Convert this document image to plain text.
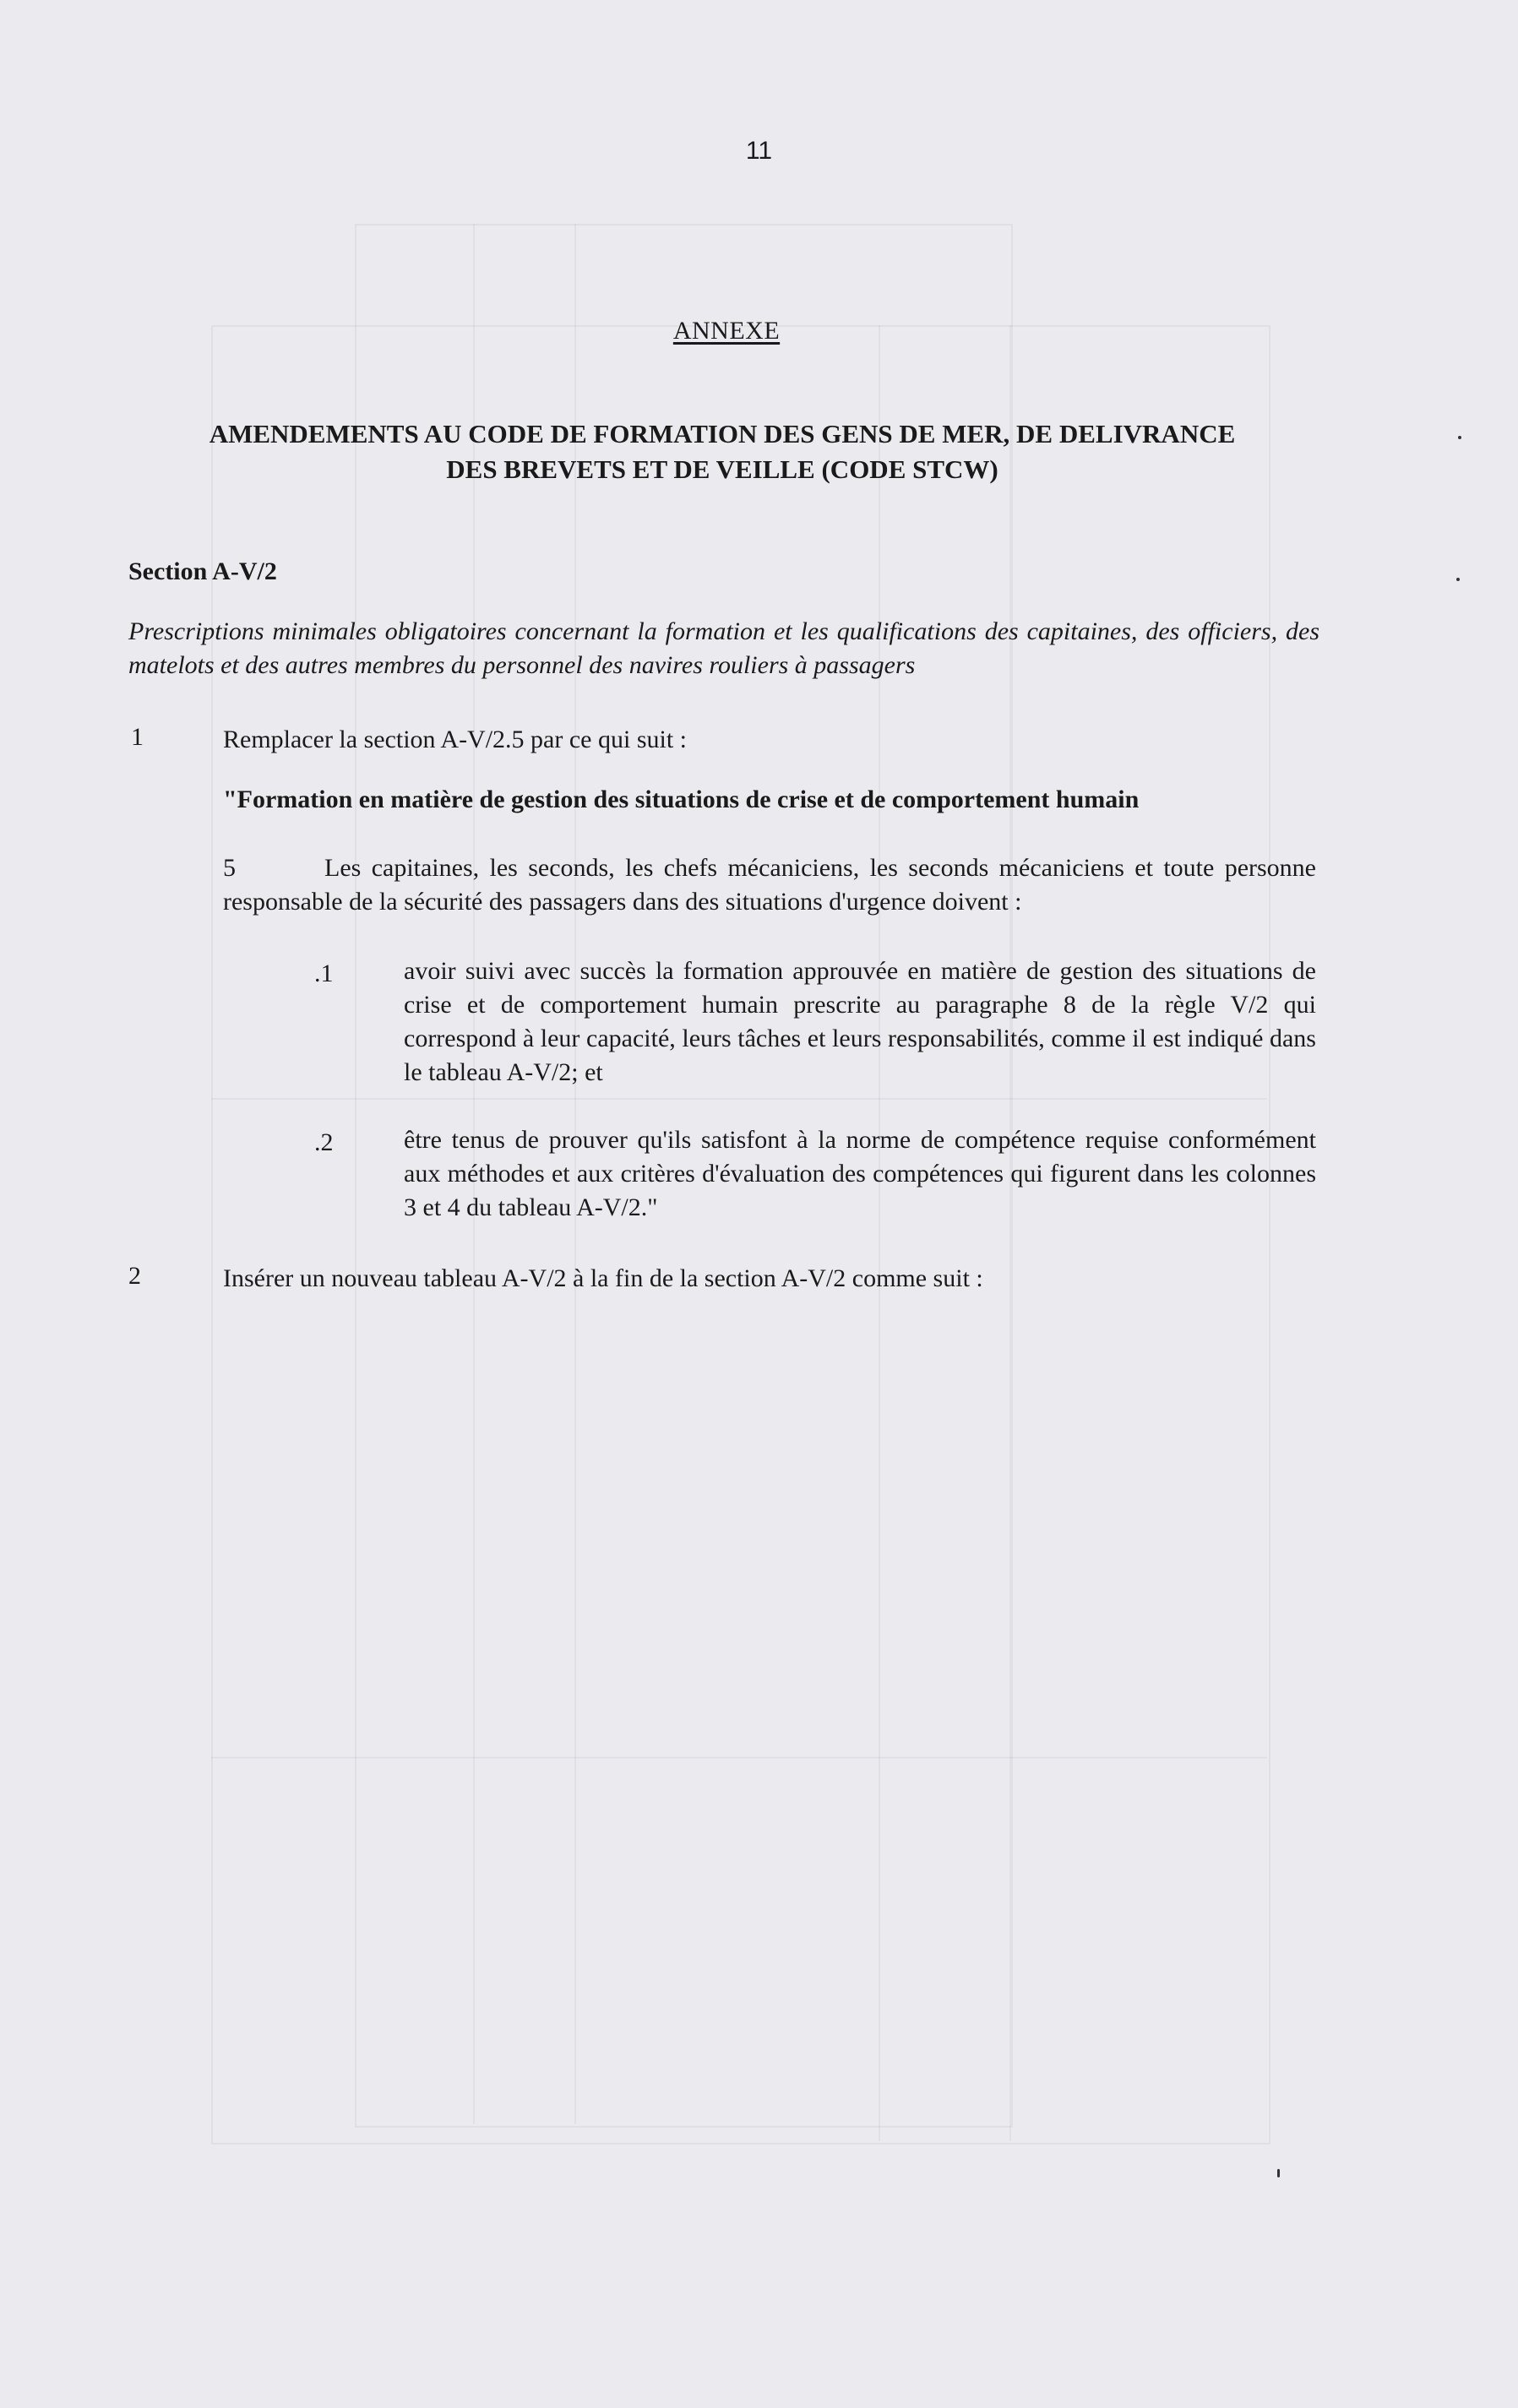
11
ANNEXE
AMENDEMENTS AU CODE DE FORMATION DES GENS DE MER, DE DELIVRANCE
DES BREVETS ET DE VEILLE (CODE STCW)
Section A-V/2
Prescriptions minimales obligatoires concernant la formation et les qualifications des capitaines, des officiers, des matelots et des autres membres du personnel des navires rouliers à passagers
1	Remplacer la section A-V/2.5 par ce qui suit :
"Formation en matière de gestion des situations de crise et de comportement humain
5	Les capitaines, les seconds, les chefs mécaniciens, les seconds mécaniciens et toute personne responsable de la sécurité des passagers dans des situations d'urgence doivent :
.1	avoir suivi avec succès la formation approuvée en matière de gestion des situations de crise et de comportement humain prescrite au paragraphe 8 de la règle V/2 qui correspond à leur capacité, leurs tâches et leurs responsabilités, comme il est indiqué dans le tableau A-V/2; et
.2	être tenus de prouver qu'ils satisfont à la norme de compétence requise conformément aux méthodes et aux critères d'évaluation des compétences qui figurent dans les colonnes 3 et 4 du tableau A-V/2."
2	Insérer un nouveau tableau A-V/2 à la fin de la section A-V/2 comme suit :
